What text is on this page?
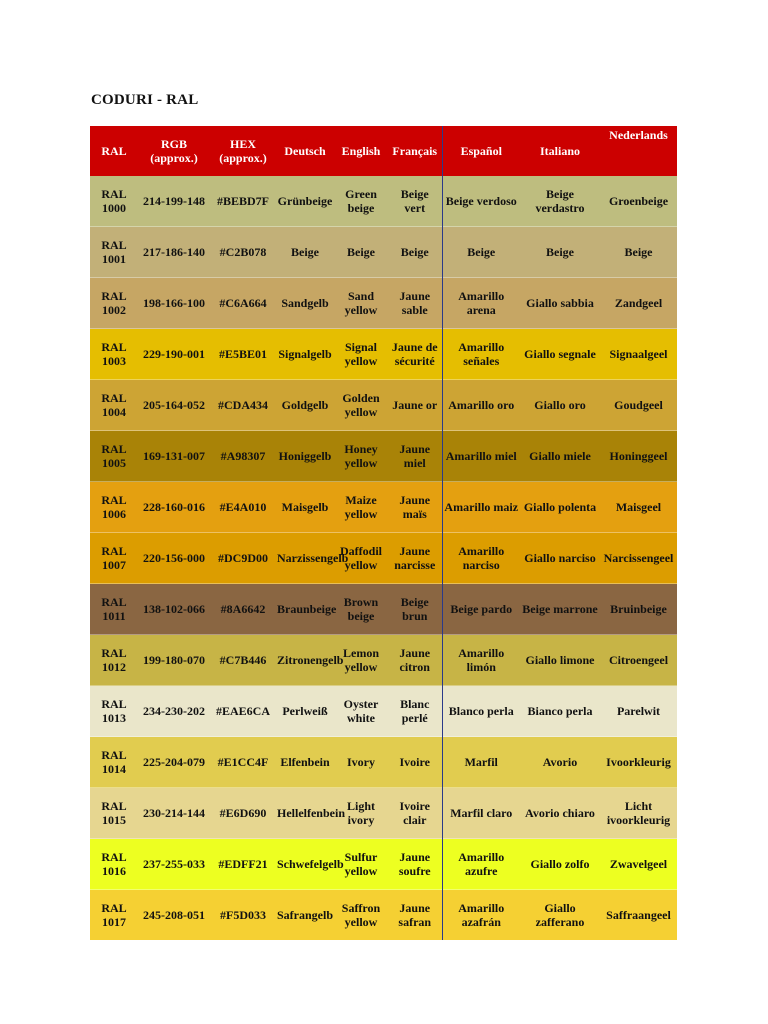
CODURI - RAL
RAL	RGB (approx.)	HEX (approx.)	Deutsch	English	Français	Español	Italiano	Nederlands
RAL 1000	214-199-148	#BEBD7F	Grünbeige	Green beige	Beige vert	Beige verdoso	Beige verdastro	Groenbeige
RAL 1001	217-186-140	#C2B078	Beige	Beige	Beige	Beige	Beige	Beige
RAL 1002	198-166-100	#C6A664	Sandgelb	Sand yellow	Jaune sable	Amarillo arena	Giallo sabbia	Zandgeel
RAL 1003	229-190-001	#E5BE01	Signalgelb	Signal yellow	Jaune de sécurité	Amarillo señales	Giallo segnale	Signaalgeel
RAL 1004	205-164-052	#CDA434	Goldgelb	Golden yellow	Jaune or	Amarillo oro	Giallo oro	Goudgeel
RAL 1005	169-131-007	#A98307	Honiggelb	Honey yellow	Jaune miel	Amarillo miel	Giallo miele	Honinggeel
RAL 1006	228-160-016	#E4A010	Maisgelb	Maize yellow	Jaune maïs	Amarillo maiz	Giallo polenta	Maisgeel
RAL 1007	220-156-000	#DC9D00	Narzissengelb	Daffodil yellow	Jaune narcisse	Amarillo narciso	Giallo narciso	Narcissengeel
RAL 1011	138-102-066	#8A6642	Braunbeige	Brown beige	Beige brun	Beige pardo	Beige marrone	Bruinbeige
RAL 1012	199-180-070	#C7B446	Zitronengelb	Lemon yellow	Jaune citron	Amarillo limón	Giallo limone	Citroengeel
RAL 1013	234-230-202	#EAE6CA	Perlweiß	Oyster white	Blanc perlé	Blanco perla	Bianco perla	Parelwit
RAL 1014	225-204-079	#E1CC4F	Elfenbein	Ivory	Ivoire	Marfil	Avorio	Ivoorkleurig
RAL 1015	230-214-144	#E6D690	Hellelfenbein	Light ivory	Ivoire clair	Marfil claro	Avorio chiaro	Licht ivoorkleurig
RAL 1016	237-255-033	#EDFF21	Schwefelgelb	Sulfur yellow	Jaune soufre	Amarillo azufre	Giallo zolfo	Zwavelgeel
RAL 1017	245-208-051	#F5D033	Safrangelb	Saffron yellow	Jaune safran	Amarillo azafrán	Giallo zafferano	Saffraangeel
